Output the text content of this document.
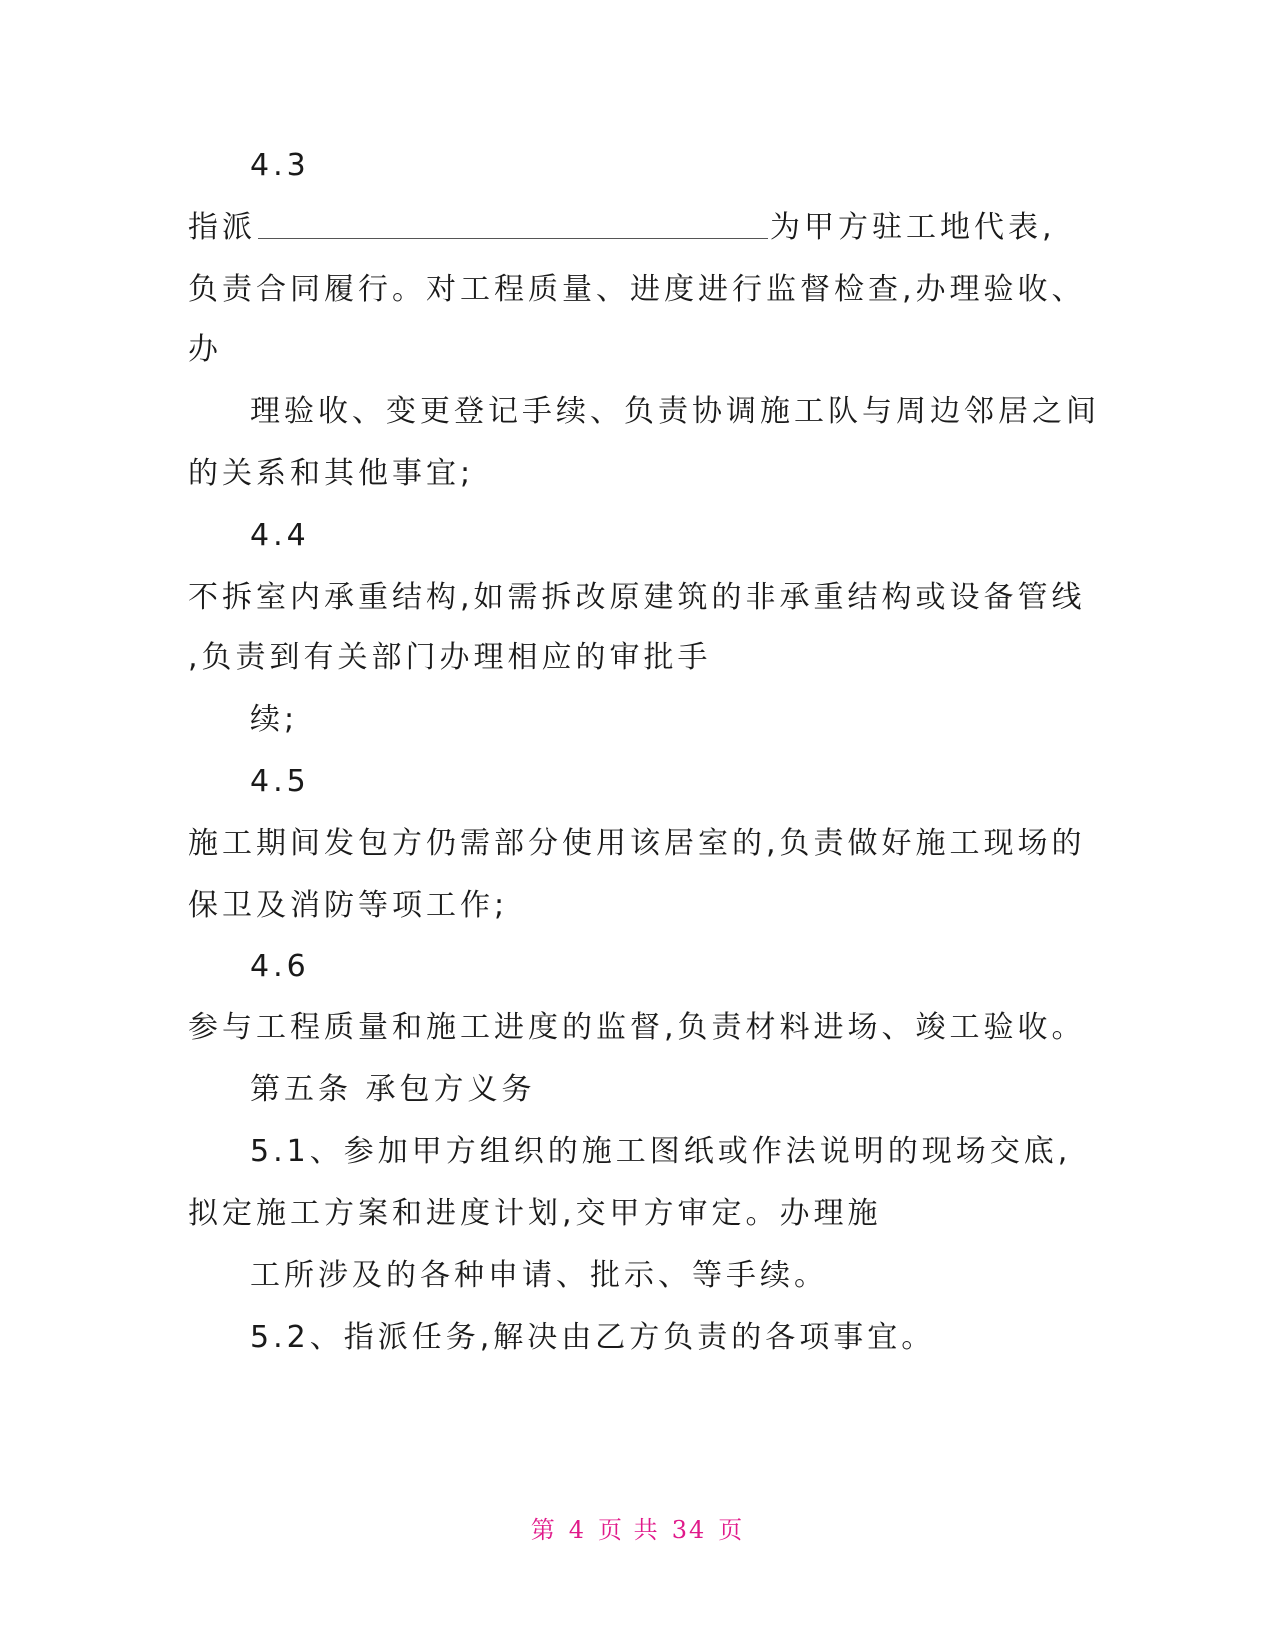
4.3
指派	为甲方驻工地代表,
负责合同履行。对工程质量、进度进行监督检查,办理验收、
办
理验收、变更登记手续、负责协调施工队与周边邻居之间
的关系和其他事宜;
4.4
不拆室内承重结构,如需拆改原建筑的非承重结构或设备管线
,负责到有关部门办理相应的审批手
续;
4.5
施工期间发包方仍需部分使用该居室的,负责做好施工现场的
保卫及消防等项工作;
4.6
参与工程质量和施工进度的监督,负责材料进场、竣工验收。
第五条 承包方义务
5.1、参加甲方组织的施工图纸或作法说明的现场交底,
拟定施工方案和进度计划,交甲方审定。办理施
工所涉及的各种申请、批示、等手续。
5.2、指派任务,解决由乙方负责的各项事宜。
第 4 页 共 34 页
